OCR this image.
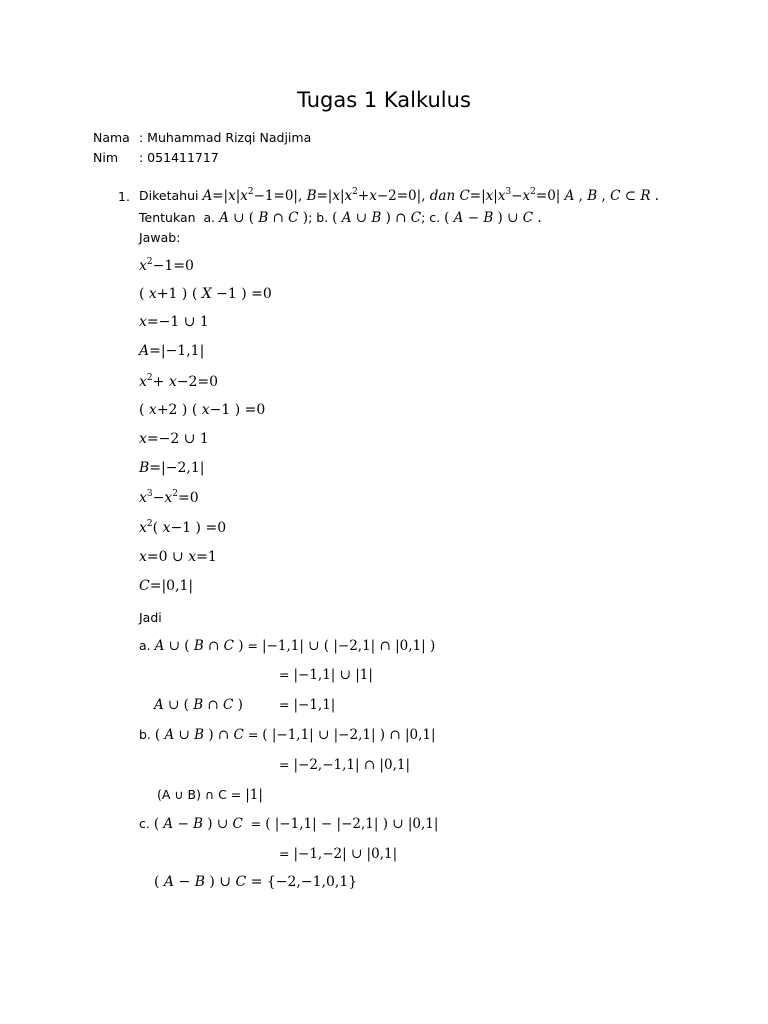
Tugas 1 Kalkulus
Nama : Muhammad Rizqi Nadjima
Nim : 051411717
1. Diketahui $A=|x|x^2-1=0|$, $B=|x|x^2+x-2=0|$, dan $C=|x|x^3-x^2=0|$ A , B , C ⊂ R .
Tentukan a. A ∪ ( B ∩ C ); b. ( A ∪ B ) ∩ C; c. ( A − B ) ∪ C .
Jawab:
$x^2-1=0$
( x+1 ) ( X −1 ) =0
x=−1 ∪ 1
A=|−1,1|
$x^2+ x-2=0$
( x+2 ) ( x−1 ) =0
x=−2 ∪ 1
B=|−2,1|
$x^3-x^2=0$
$x^2$( x−1 ) =0
x=0 ∪ x=1
C=|0,1|
Jadi
a. A ∪ ( B ∩ C ) = |−1,1| ∪ ( |−2,1| ∩ |0,1| )
= |−1,1| ∪ |1|
A ∪ ( B ∩ C )	= |−1,1|
b. ( A ∪ B ) ∩ C = ( |−1,1| ∪ |−2,1| ) ∩ |0,1|
= |−2,−1,1| ∩ |0,1|
(A ∪ B) ∩ C = |1|
c. ( A − B ) ∪ C = ( |−1,1| − |−2,1| ) ∪ |0,1|
= |−1,−2| ∪ |0,1|
( A − B ) ∪ C = {−2,−1,0,1}
